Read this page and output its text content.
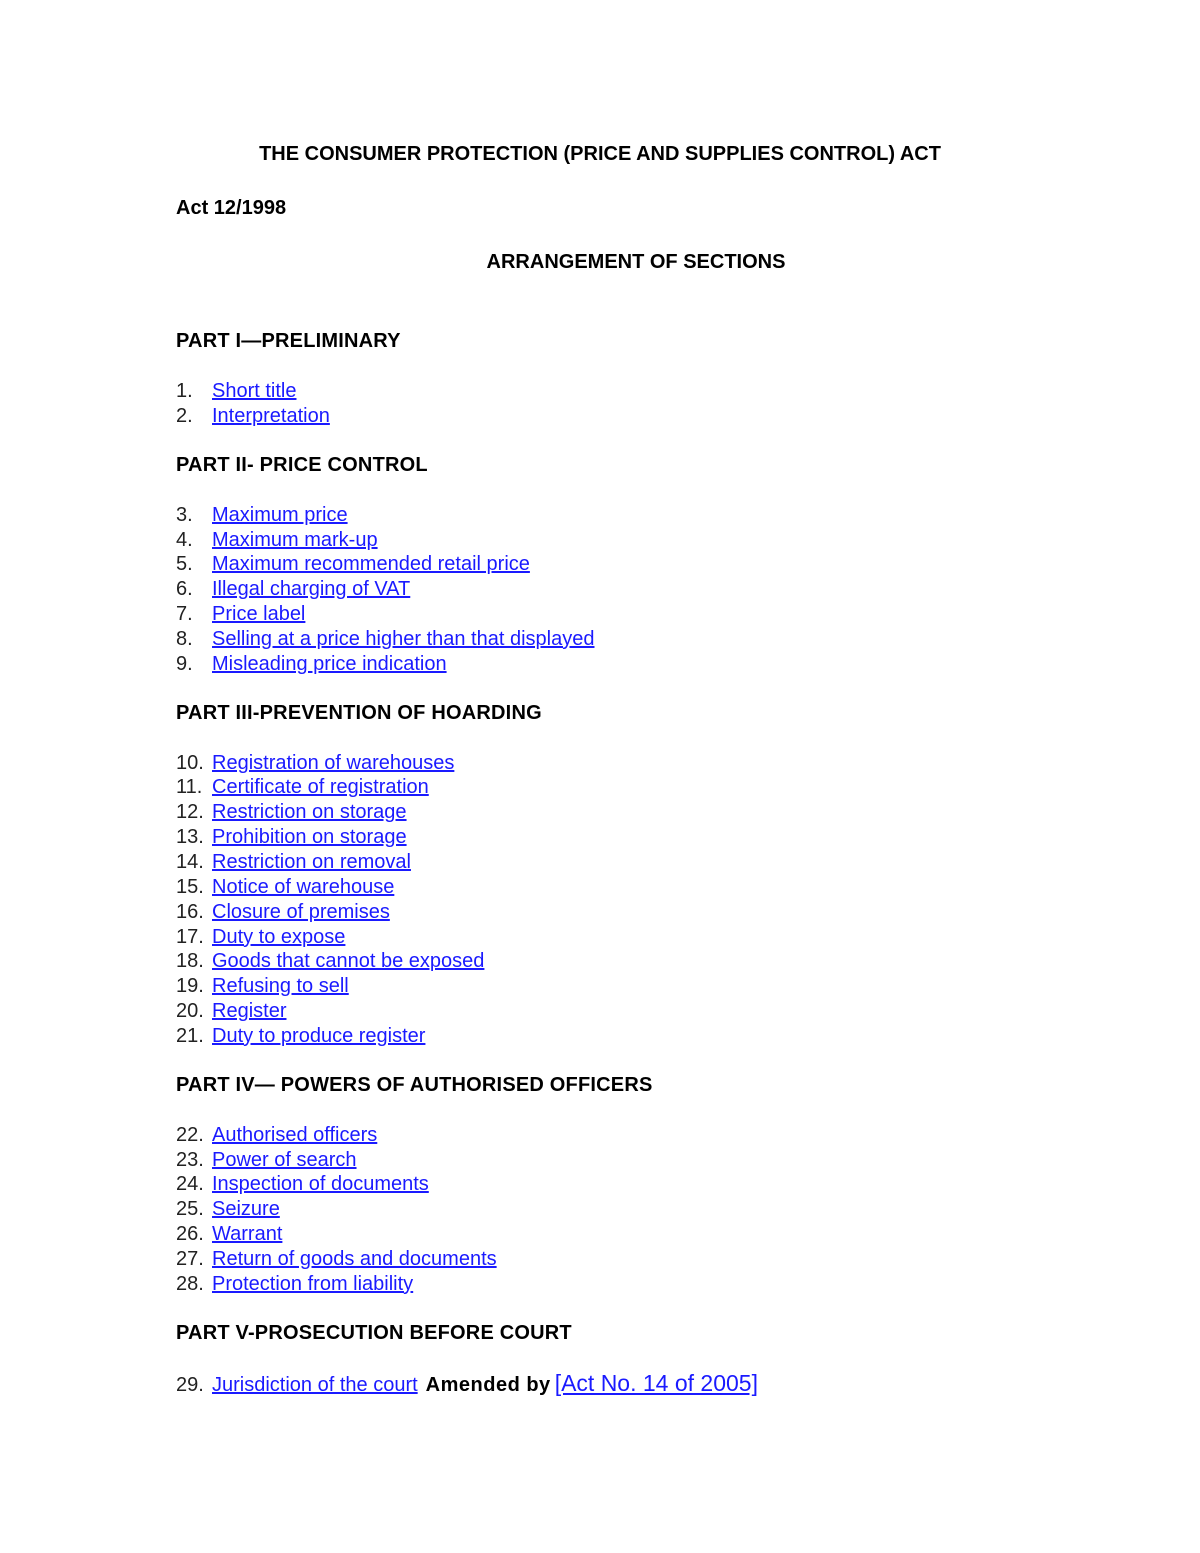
THE CONSUMER PROTECTION (PRICE AND SUPPLIES CONTROL) ACT
Act 12/1998
ARRANGEMENT OF SECTIONS
PART I—PRELIMINARY
1. Short title
2. Interpretation
PART II- PRICE CONTROL
3. Maximum price
4. Maximum mark-up
5. Maximum recommended retail price
6. Illegal charging of VAT
7. Price label
8. Selling at a price higher than that displayed
9. Misleading price indication
PART III-PREVENTION OF HOARDING
10. Registration of warehouses
11. Certificate of registration
12. Restriction on storage
13. Prohibition on storage
14. Restriction on removal
15. Notice of warehouse
16. Closure of premises
17. Duty to expose
18. Goods that cannot be exposed
19. Refusing to sell
20. Register
21. Duty to produce register
PART IV— POWERS OF AUTHORISED OFFICERS
22. Authorised officers
23. Power of search
24. Inspection of documents
25. Seizure
26. Warrant
27. Return of goods and documents
28. Protection from liability
PART V-PROSECUTION BEFORE COURT
29. Jurisdiction of the court Amended by [Act No. 14 of 2005]
